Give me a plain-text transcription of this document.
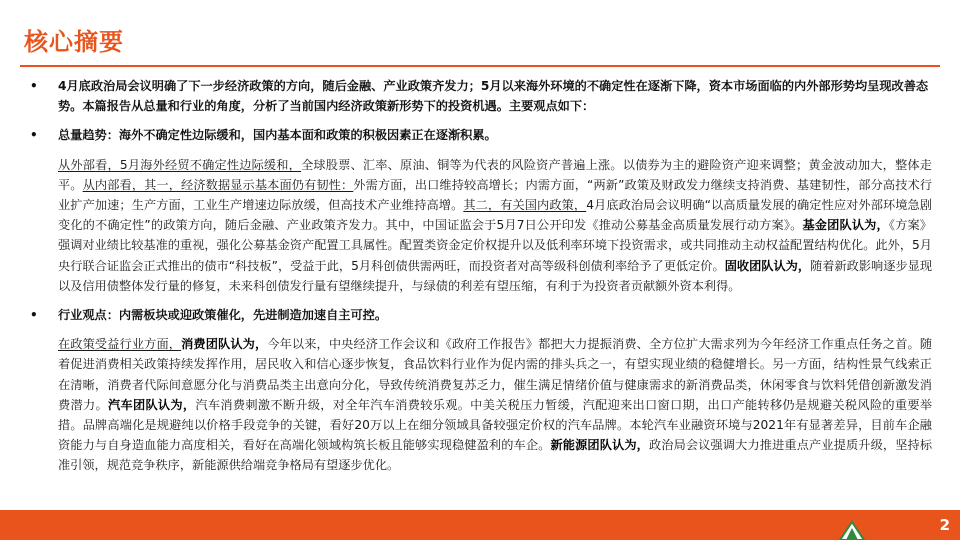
核心摘要
• 4月底政治局会议明确了下一步经济政策的方向，随后金融、产业政策齐发力；5月以来海外环境的不确定性在逐渐下降，资本市场面临的内外部形势均呈现改善态势。本篇报告从总量和行业的角度，分析了当前国内经济政策新形势下的投资机遇。主要观点如下：
• 总量趋势：海外不确定性边际缓和，国内基本面和政策的积极因素正在逐渐积累。
从外部看，5月海外经贸不确定性边际缓和，全球股票、汇率、原油、铜等为代表的风险资产普遍上涨。以债券为主的避险资产迎来调整；黄金波动加大，整体走平。从内部看，其一，经济数据显示基本面仍有韧性：外需方面，出口维持较高增长；内需方面，“两新”政策及财政发力继续支持消费、基建韧性，部分高技术行业扩产加速；生产方面，工业生产增速边际放缓，但高技术产业维持高增。其二，有关国内政策，4月底政治局会议明确“以高质量发展的确定性应对外部环境急剧变化的不确定性”的政策方向，随后金融、产业政策齐发力。其中，中国证监会于5月7日公开印发《推动公募基金高质量发展行动方案》。基金团队认为，《方案》强调对业绩比较基准的重视，强化公募基金资产配置工具属性。配置类资金定价权提升以及低利率环境下投资需求，或共同推动主动权益配置结构优化。此外，5月央行联合证监会正式推出的债市“科技板”，受益于此，5月科创债供需两旺，而投资者对高等级科创债利率给予了更低定价。固收团队认为，随着新政影响逐步显现以及信用债整体发行量的修复，未来科创债发行量有望继续提升，与绿债的利差有望压缩，有利于为投资者贡献额外资本利得。
• 行业观点：内需板块或迎政策催化，先进制造加速自主可控。
在政策受益行业方面，消费团队认为，今年以来，中央经济工作会议和《政府工作报告》都把大力提振消费、全方位扩大需求列为今年经济工作重点任务之首。随着促进消费相关政策持续发挥作用，居民收入和信心逐步恢复，食品饮料行业作为促内需的排头兵之一，有望实现业绩的稳健增长。另一方面，结构性景气线索正在清晰，消费者代际间意愿分化与消费品类主出意向分化，导致传统消费复苏乏力，催生满足情绪价值与健康需求的新消费品类，休闲零食与饮料凭借创新激发消费潜力。汽车团队认为，汽车消费刺激不断升级，对全年汽车消费较乐观。中美关税压力暂缓，汽配迎来出口窗口期，出口产能转移仍是规避关税风险的重要举措。品牌高端化是规避纯以价格手段竞争的关键，看好20万以上在细分领域具备较强定价权的汽车品牌。本轮汽车业融资环境与2021年有显著差异，目前车企融资能力与自身造血能力高度相关，看好在高端化领域构筑长板且能够实现稳健盈利的车企。新能源团队认为，政治局会议强调大力推进重点产业提质升级，坚持标准引领，规范竞争秩序，新能源供给端竞争格局有望逐步优化。
2
